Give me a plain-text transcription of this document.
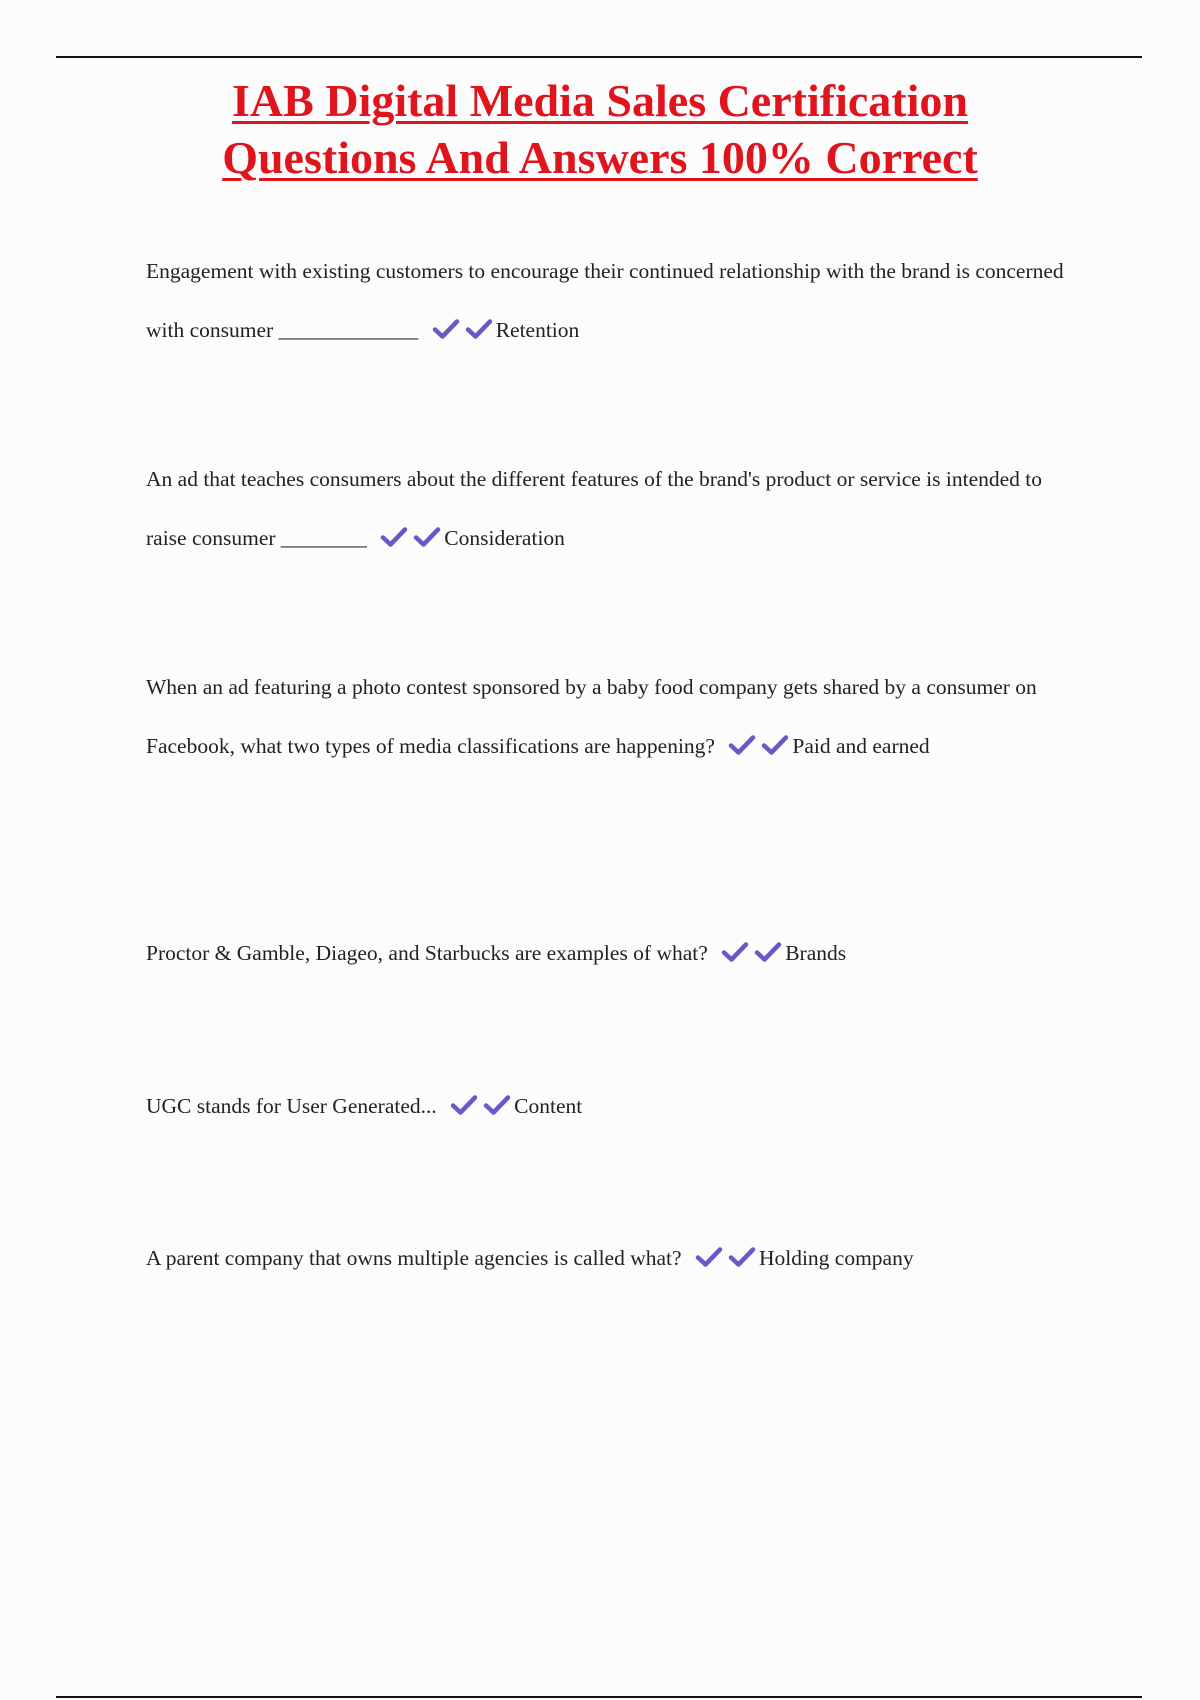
IAB Digital Media Sales Certification
Questions And Answers 100% Correct

Engagement with existing customers to encourage their continued relationship with the brand is concerned with consumer _____________	Retention

An ad that teaches consumers about the different features of the brand's product or service is intended to raise consumer ________	Consideration

When an ad featuring a photo contest sponsored by a baby food company gets shared by a consumer on Facebook, what two types of media classifications are happening?	Paid and earned

Proctor & Gamble, Diageo, and Starbucks are examples of what?	Brands

UGC stands for User Generated...	Content

A parent company that owns multiple agencies is called what?	Holding company
